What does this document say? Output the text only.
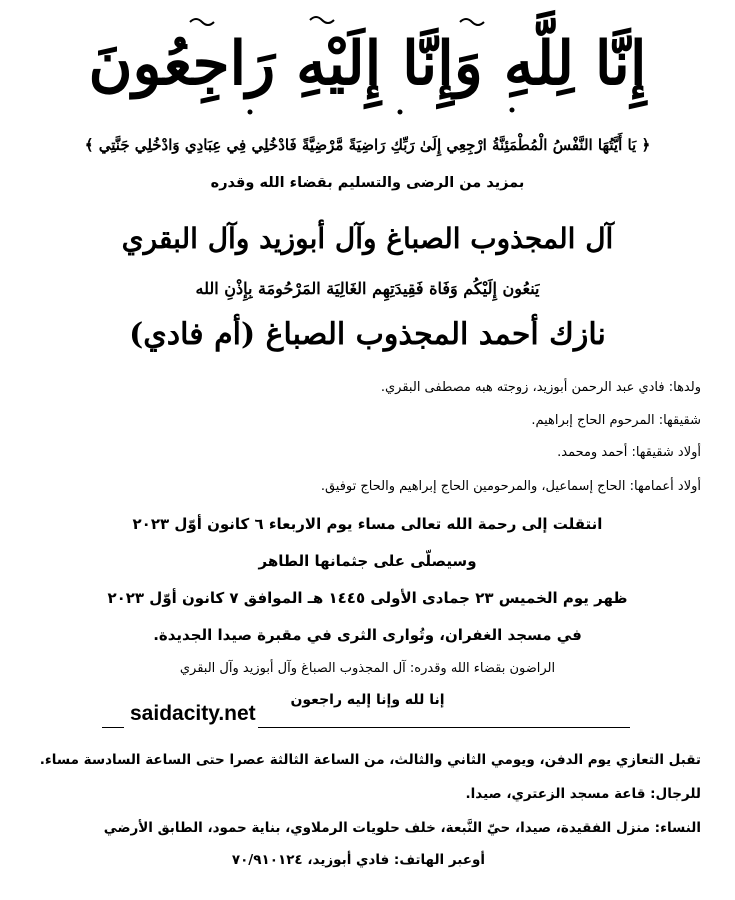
إِنَّا لِلَّهِ وَإِنَّا إِلَيْهِ رَاجِعُونَ
﴿ يَا أَيَّتُهَا النَّفْسُ الْمُطْمَئِنَّةُ ارْجِعِي إِلَىٰ رَبِّكِ رَاضِيَةً مَّرْضِيَّةً فَادْخُلِي فِي عِبَادِي وَادْخُلِي جَنَّتِي ﴾
بمزيد من الرضى والتسليم بقضاء الله وقدره
آل المجذوب الصباغ وآل أبوزيد وآل البقري
يَنعُون إِلَيْكُم وَفَاة فَقِيدَتِهِم الغَالِيَة المَرْحُومَة بِإِذْنِ الله
نازك أحمد المجذوب الصباغ (أم فادي)
ولدها: فادي عبد الرحمن أبوزيد، زوجته هبه مصطفى البقري.
شقيقها: المرحوم الحاج إبراهيم.
أولاد شقيقها: أحمد ومحمد.
أولاد أعمامها: الحاج إسماعيل، والمرحومين الحاج إبراهيم والحاج توفيق.
انتقلت إلى رحمة الله تعالى مساء يوم الاربعاء ٦ كانون أوّل ٢٠٢٣
وسيصلّى على جثمانها الطاهر
ظهر يوم الخميس ٢٣ جمادى الأولى ١٤٤٥ هـ الموافق ٧ كانون أوّل ٢٠٢٣
في مسجد الغفران، وتُوارى الثرى في مقبرة صيدا الجديدة.
الراضون بقضاء الله وقدره: آل المجذوب الصباغ وآل أبوزيد وآل البقري
إنا لله وإنا إليه راجعون
saidacity.net
تقبل التعازي يوم الدفن، ويومي الثاني والثالث، من الساعة الثالثة عصرا حتى الساعة السادسة مساء.
للرجال: قاعة مسجد الزعتري، صيدا.
النساء: منزل الفقيدة، صيدا، حيّ النَّبعة، خلف حلويات الرملاوي، بناية حمود، الطابق الأرضي
أوعبر الهاتف: فادي أبوزيد، ٧٠/٩١٠١٢٤
